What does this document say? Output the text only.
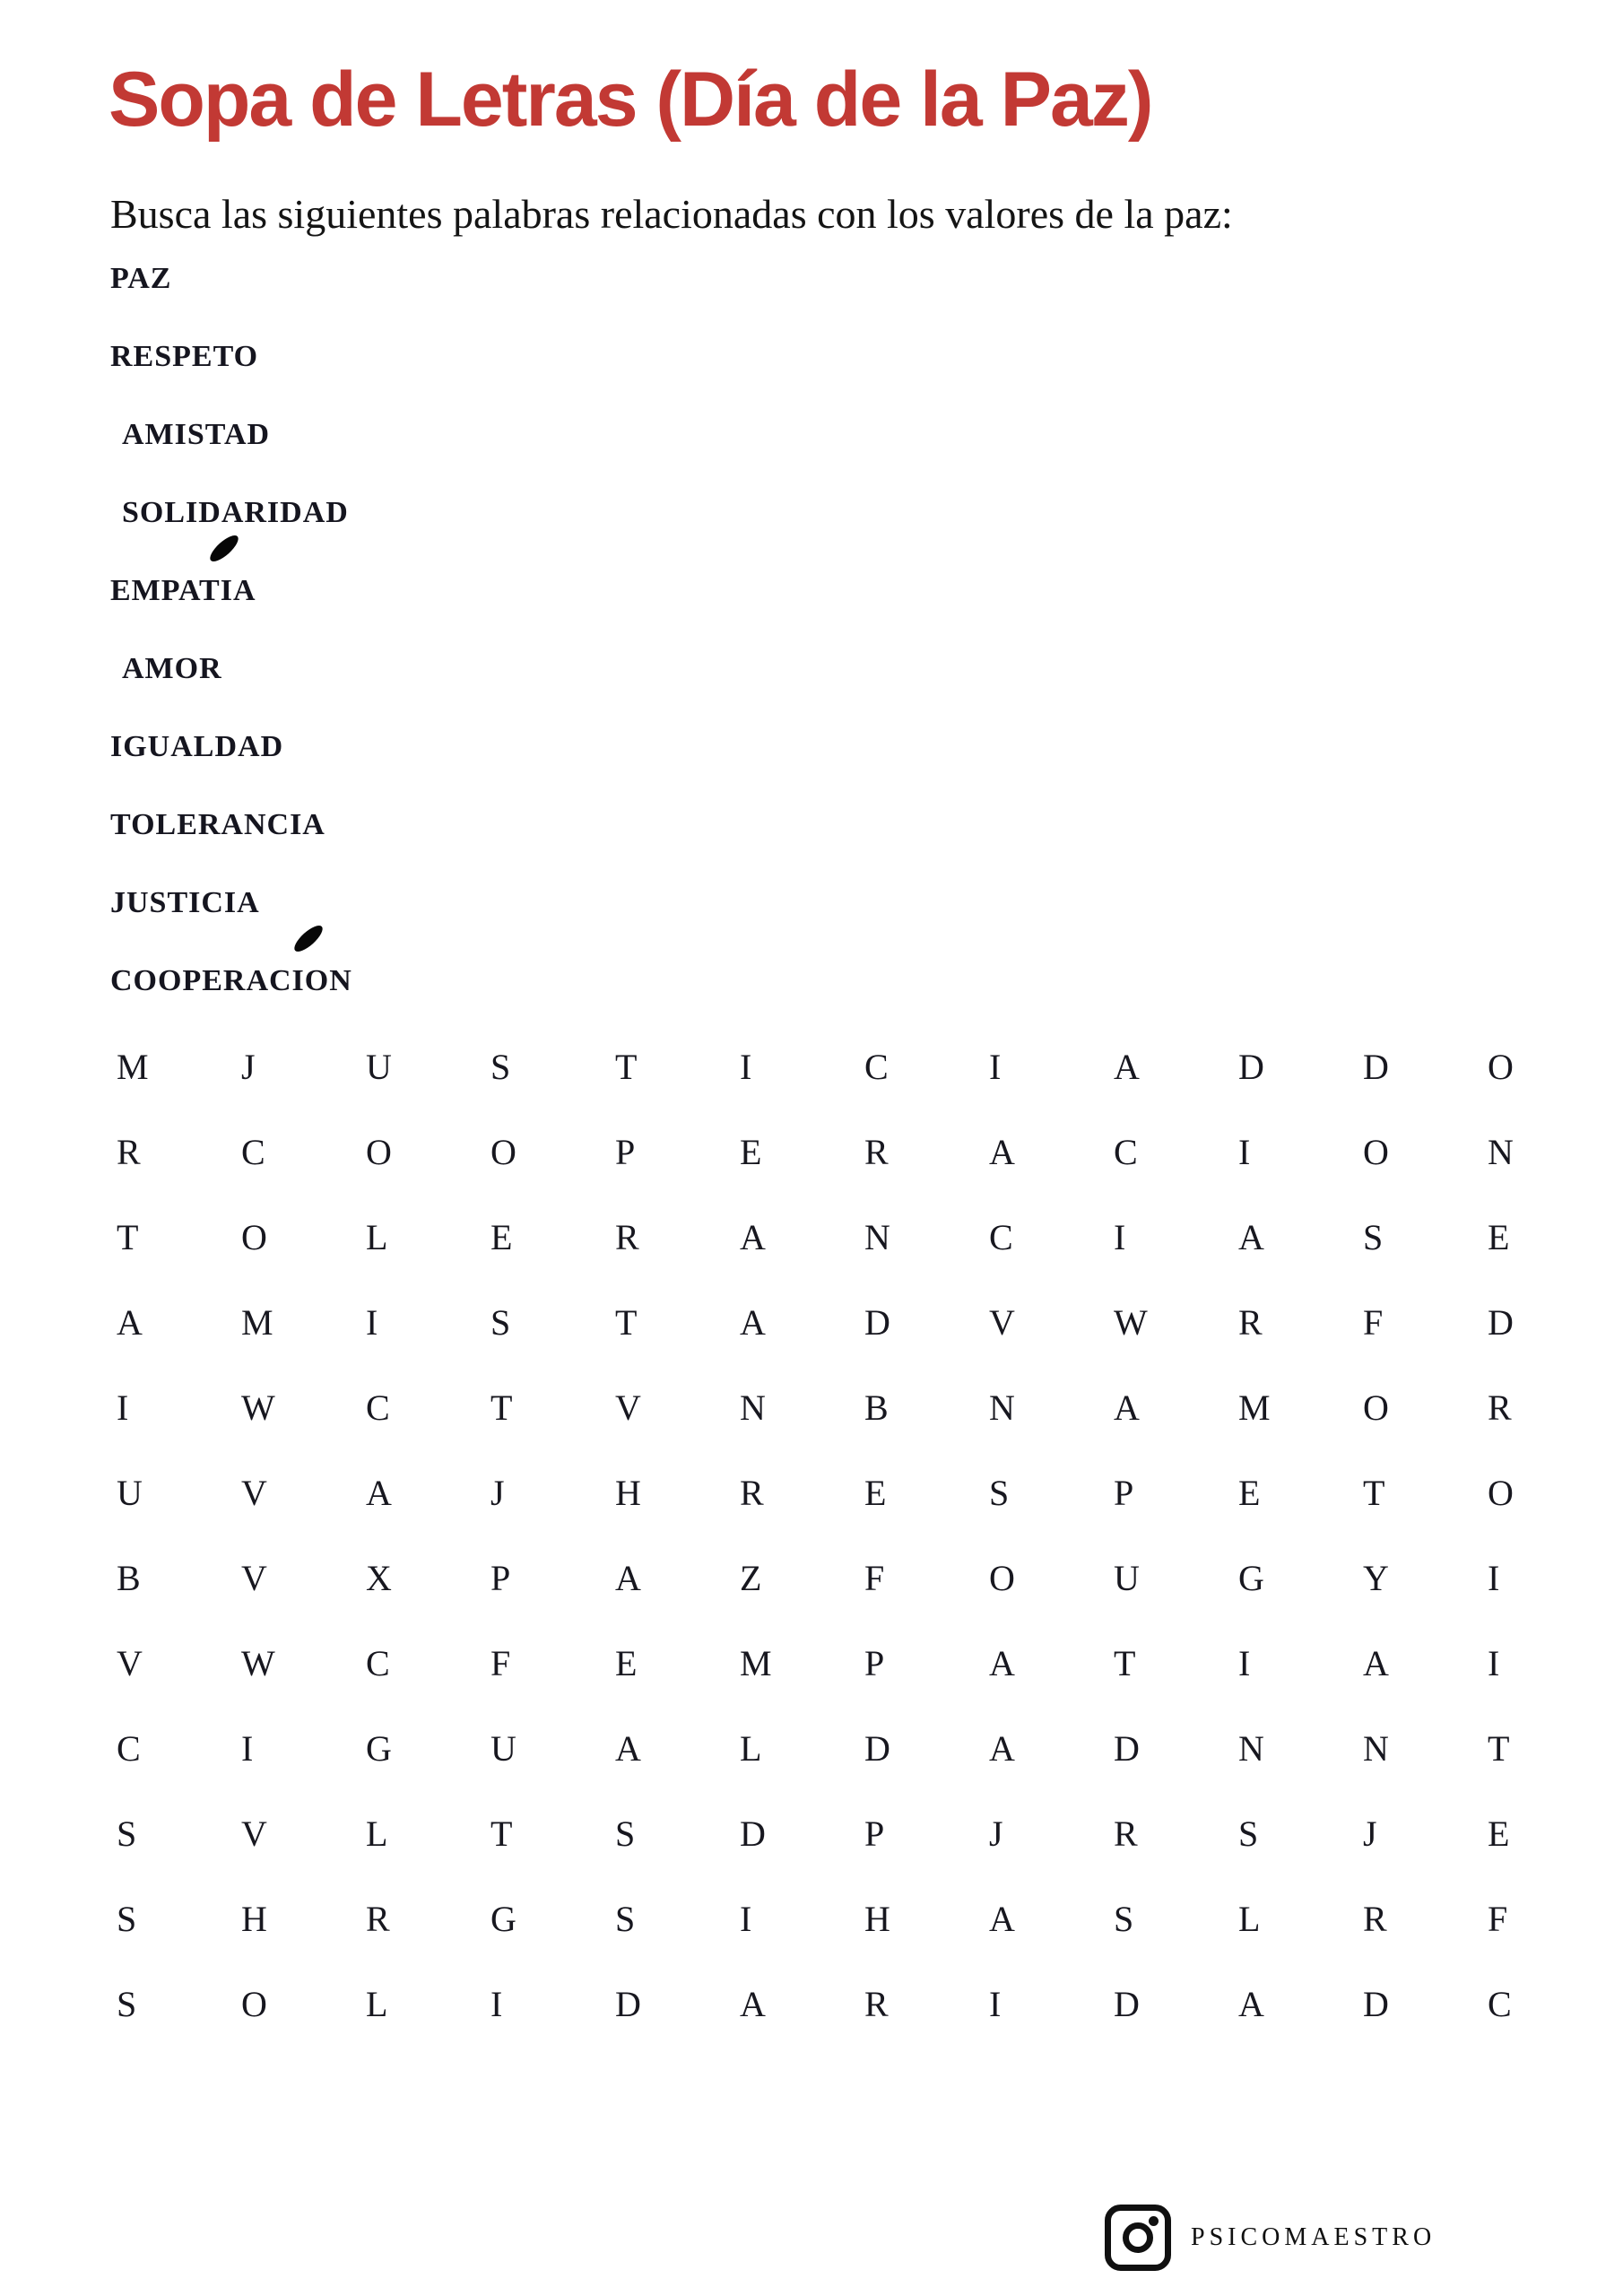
Sopa de Letras (Día de la Paz)

Busca las siguientes palabras relacionadas con los valores de la paz:

PAZ
RESPETO
AMISTAD
SOLIDARIDAD
EMPATI
A
AMOR
IGUALDAD
TOLERANCIA
JUSTICIA
COOPERACIO
N
M	J	U	S	T	I	C	I	A	D	D	O
R	C	O	O	P	E	R	A	C	I	O	N
T	O	L	E	R	A	N	C	I	A	S	E
A	M	I	S	T	A	D	V	W	R	F	D
I	W	C	T	V	N	B	N	A	M	O	R
U	V	A	J	H	R	E	S	P	E	T	O
B	V	X	P	A	Z	F	O	U	G	Y	I
V	W	C	F	E	M	P	A	T	I	A	I
C	I	G	U	A	L	D	A	D	N	N	T
S	V	L	T	S	D	P	J	R	S	J	E
S	H	R	G	S	I	H	A	S	L	R	F
S	O	L	I	D	A	R	I	D	A	D	C
PSICOMAESTRO
